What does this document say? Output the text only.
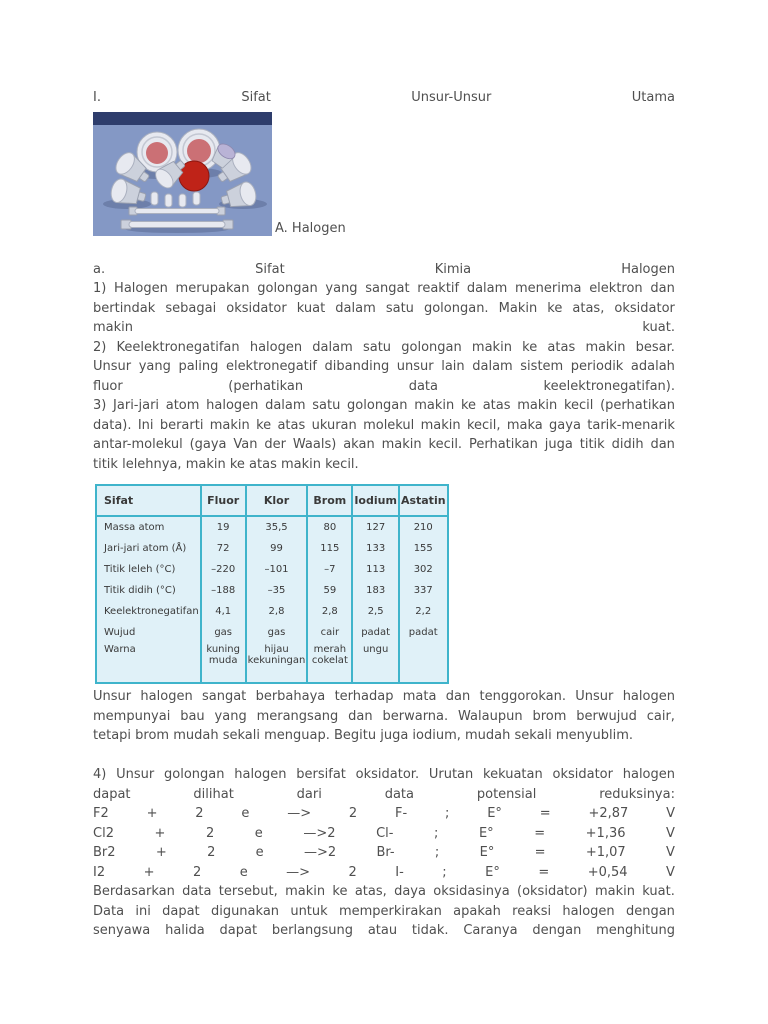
I.	Sifat	Unsur-Unsur	Utama
A. Halogen
a.	Sifat	Kimia	Halogen
1) Halogen merupakan golongan yang sangat reaktif dalam menerima elektron dan
bertindak sebagai oksidator kuat dalam satu golongan. Makin ke atas, oksidator
makin	kuat.
2) Keelektronegatifan halogen dalam satu golongan makin ke atas makin besar.
Unsur yang paling elektronegatif dibanding unsur lain dalam sistem periodik adalah
fluor	(perhatikan	data	keelektronegatifan).
3) Jari-jari atom halogen dalam satu golongan makin ke atas makin kecil (perhatikan
data). Ini berarti makin ke atas ukuran molekul makin kecil, maka gaya tarik-menarik
antar-molekul (gaya Van der Waals) akan makin kecil. Perhatikan juga titik didih dan
titik lelehnya, makin ke atas makin kecil.
Sifat	Fluor	Klor	Brom	Iodium	Astatin
Massa atom	19	35,5	80	127	210
Jari-jari atom (Å)	72	99	115	133	155
Titik leleh (°C)	–220	–101	–7	113	302
Titik didih (°C)	–188	–35	59	183	337
Keelektronegatifan	4,1	2,8	2,8	2,5	2,2
Wujud	gas	gas	cair	padat	padat
Warna	kuning muda	hijau kekuningan	merah cokelat	ungu	
Unsur halogen sangat berbahaya terhadap mata dan tenggorokan. Unsur halogen
mempunyai bau yang merangsang dan berwarna. Walaupun brom berwujud cair,
tetapi brom mudah sekali menguap. Begitu juga iodium, mudah sekali menyublim.
4) Unsur golongan halogen bersifat oksidator. Urutan kekuatan oksidator halogen
dapat	dilihat	dari	data	potensial	reduksinya:
F2	+	2	e	—>	2	F-	;	E°	=	+2,87	V
Cl2	+	2	e	—>2	Cl-	;	E°	=	+1,36	V
Br2	+	2	e	—>2	Br-	;	E°	=	+1,07	V
I2	+	2	e	—>	2	I-	;	E°	=	+0,54	V
Berdasarkan data tersebut, makin ke atas, daya oksidasinya (oksidator) makin kuat.
Data ini dapat digunakan untuk memperkirakan apakah reaksi halogen dengan
senyawa halida dapat berlangsung atau tidak. Caranya dengan menghitung
